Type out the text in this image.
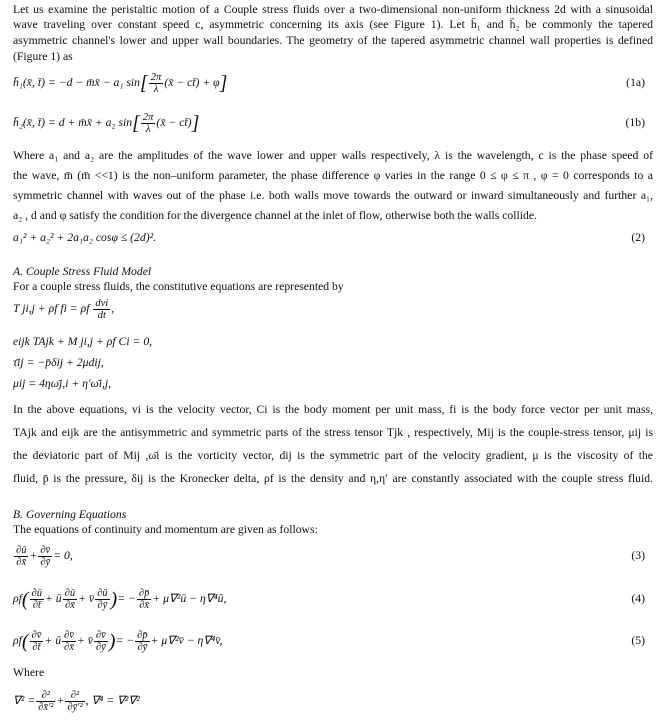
Let us examine the peristaltic motion of a Couple stress fluids over a two-dimensional non-uniform thickness 2d with a sinusoidal
wave traveling over constant speed c, asymmetric concerning its axis (see Figure 1). Let h̄₁ and h̄₂ be commonly the tapered
asymmetric channel's lower and upper wall boundaries. The geometry of the tapered asymmetric channel wall properties is defined
(Figure 1) as
h̄₁(x̄, t̄) = −d − m̄x̄ − a₁ $\sin[ \frac{2\pi}{\lambda}$ (x̄ − ct̄) + φ]	(1a)
h̄₂(x̄, t̄) = d + m̄x̄ + a₂ $\sin[ \frac{2\pi}{\lambda}$ (x̄ − ct̄)]	(1b)
Where a₁ and a₂ are the amplitudes of the wave lower and upper walls respectively, λ is the wavelength, c is the phase speed of
the wave, m̄ (m̄ <<1) is the non–uniform parameter, the phase difference φ varies in the range 0 ≤ φ ≤ π , φ = 0 corresponds to a
symmetric channel with waves out of the phase i.e. both walls move towards the outward or inward simultaneously and further a₁,
a₂ , d and φ satisfy the condition for the divergence channel at the inlet of flow, otherwise both the walls collide.
a₁² + a₂² + 2a₁a₂ cosφ ≤ (2d)².	(2)
A. Couple Stress Fluid Model
For a couple stress fluids, the constitutive equations are represented by
T ji,j + ρf fi = ρf $\frac{\text{dvi}}{dt}$ ,
eijk TAjk + M ji,j + ρf Ci = 0,
τ̄ij = −p̄δij + 2μdij,
μij = 4ηω̄j,i + η′ω̄i,j,
In the above equations, vi is the velocity vector, Ci is the body moment per unit mass, fi is the body force vector per unit mass,
TAjk and eijk are the antisymmetric and symmetric parts of the stress tensor Tjk , respectively, Mij is the couple-stress tensor, μij is
the deviatoric part of Mij ,ω̄i is the vorticity vector, dij is the symmetric part of the velocity gradient, μ is the viscosity of the
fluid, p̄ is the pressure, δij is the Kronecker delta, ρf is the density and η,η′ are constantly associated with the couple stress fluid.
B. Governing Equations
The equations of continuity and momentum are given as follows:
$\frac{\partial ū}{\partial x̄} + \frac{\partial v̄}{\partial ȳ} = 0$,	(3)
$\rho f( \frac{\partial ū}{\partial t̄}$ + ū $\frac{\partial ū}{\partial x̄}$ + v̄ $\frac{\partial ū}{\partial ȳ}$ )= − $\frac{\partial p̄}{\partial x̄}$ + μ∇²ū − η∇⁴ū,	(4)
$\rho f( \frac{\partial v̄}{\partial t̄}$ + ū $\frac{\partial v̄}{\partial x̄}$ + v̄ $\frac{\partial v̄}{\partial ȳ}$ )= − $\frac{\partial p̄}{\partial ȳ}$ + μ∇²v̄ − η∇⁴v̄,	(5)
Where
$\nabla^2 = \frac{\text{∂²}}{\text{∂x̄′²}} + \frac{\text{∂²}}{\text{∂ȳ′²}}$ , ∇⁴ = ∇²∇²
